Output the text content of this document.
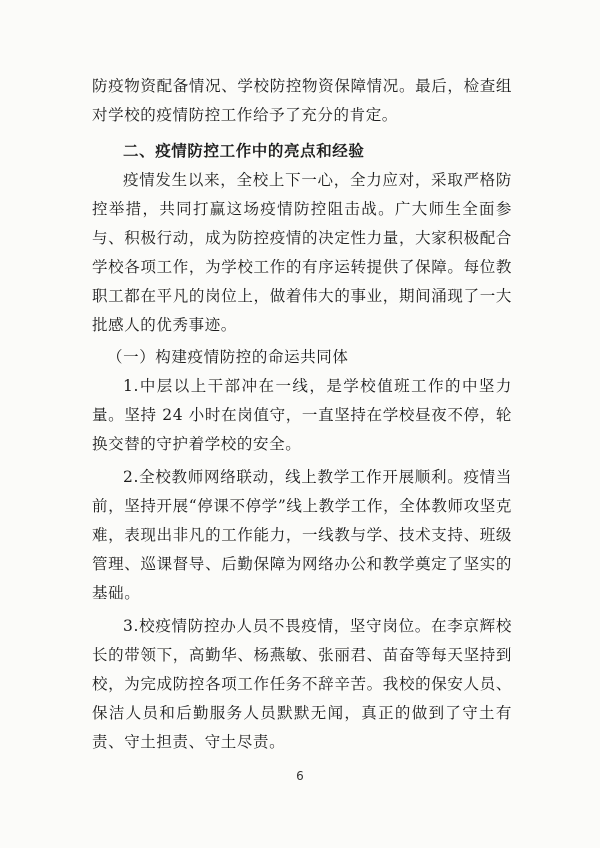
防疫物资配备情况、学校防控物资保障情况。最后，检查组对学校的疫情防控工作给予了充分的肯定。

二、疫情防控工作中的亮点和经验

疫情发生以来，全校上下一心，全力应对，采取严格防控举措，共同打赢这场疫情防控阻击战。广大师生全面参与、积极行动，成为防控疫情的决定性力量，大家积极配合学校各项工作，为学校工作的有序运转提供了保障。每位教职工都在平凡的岗位上，做着伟大的事业，期间涌现了一大批感人的优秀事迹。

（一）构建疫情防控的命运共同体

1.中层以上干部冲在一线，是学校值班工作的中坚力量。坚持 24 小时在岗值守，一直坚持在学校昼夜不停，轮换交替的守护着学校的安全。

2.全校教师网络联动，线上教学工作开展顺利。疫情当前，坚持开展“停课不停学”线上教学工作，全体教师攻坚克难，表现出非凡的工作能力，一线教与学、技术支持、班级管理、巡课督导、后勤保障为网络办公和教学奠定了坚实的基础。

3.校疫情防控办人员不畏疫情，坚守岗位。在李京辉校长的带领下，高勤华、杨燕敏、张丽君、苗奋等每天坚持到校，为完成防控各项工作任务不辞辛苦。我校的保安人员、保洁人员和后勤服务人员默默无闻，真正的做到了守土有责、守土担责、守土尽责。

6
